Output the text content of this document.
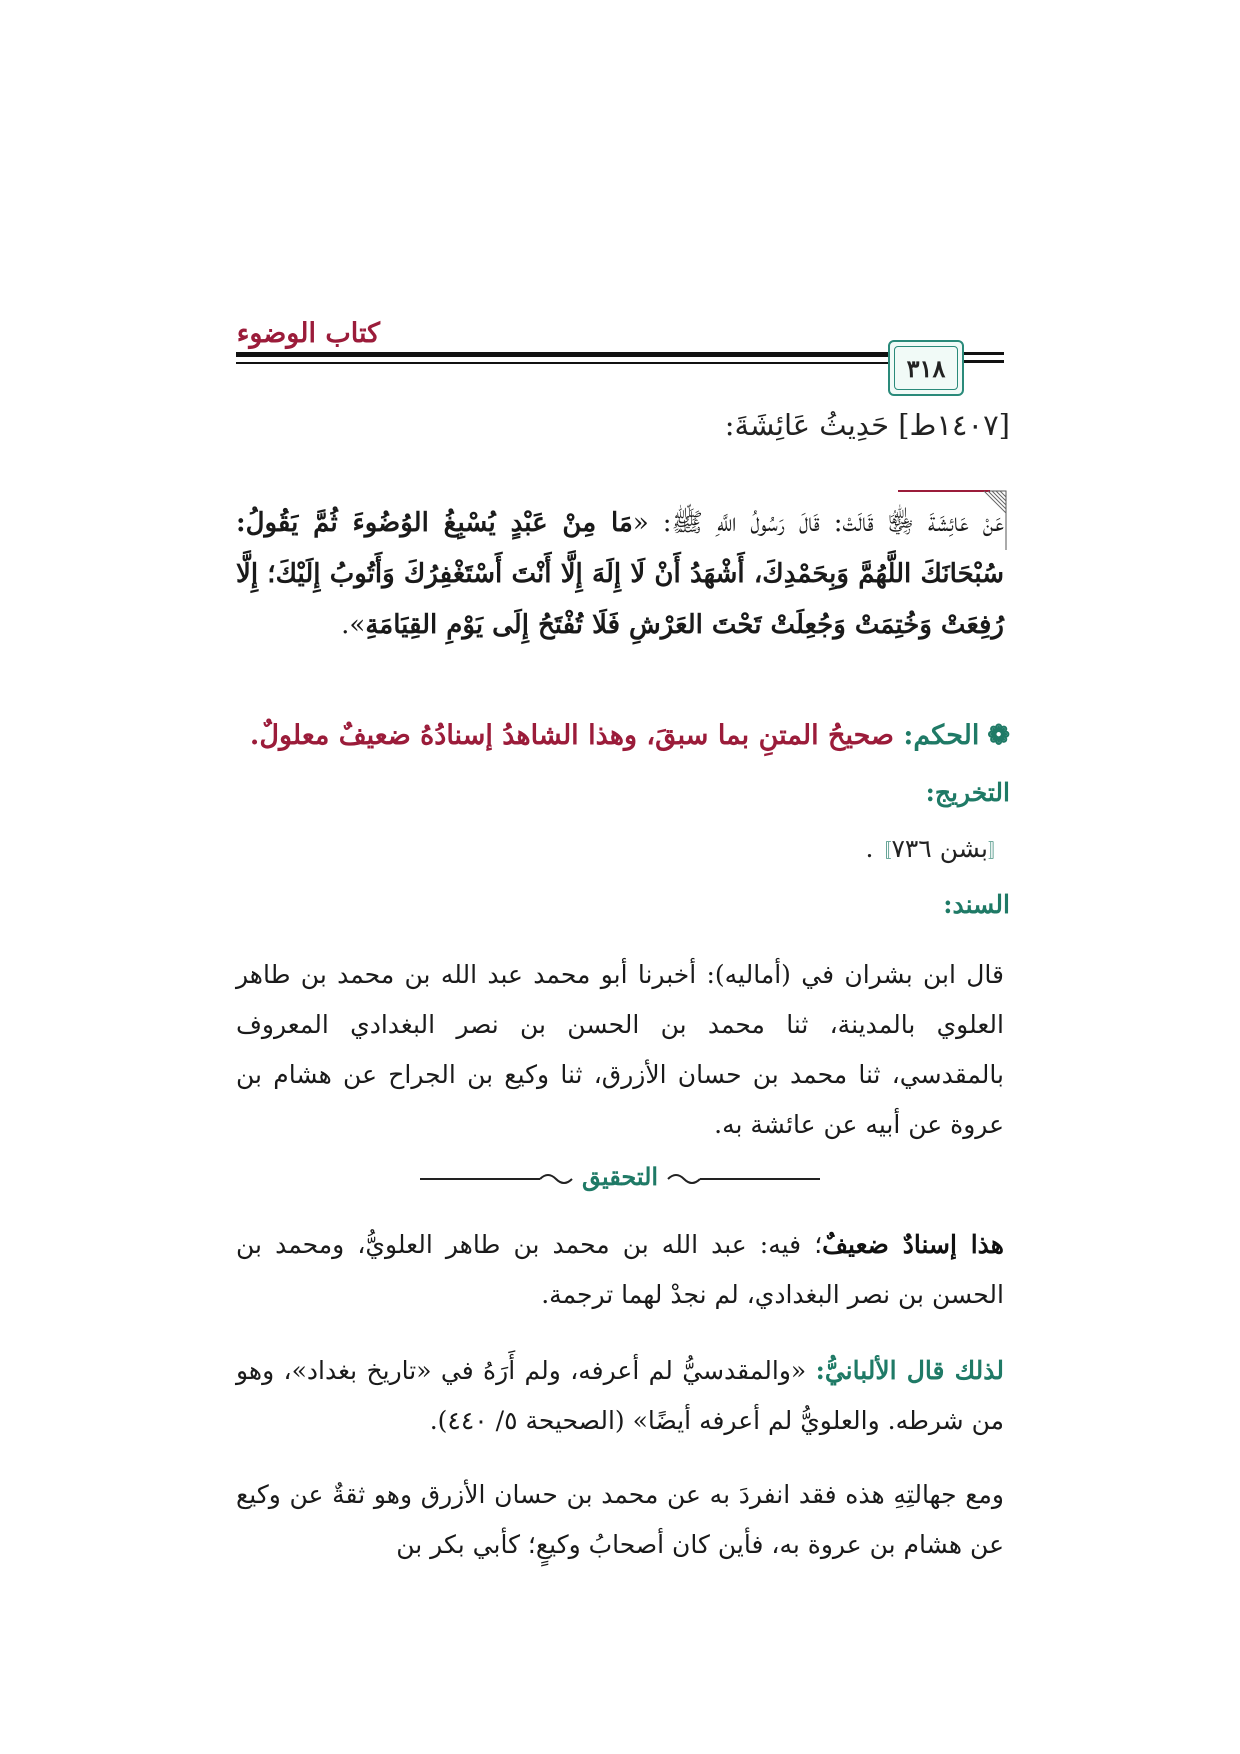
كتاب الوضوء
٣١٨
[١٤٠٧ط] حَدِيثُ عَائِشَةَ:
عَنْ عَائِشَةَ ﵂ قَالَتْ: قَالَ رَسُولُ اللَّهِ ﷺ: «مَا مِنْ عَبْدٍ يُسْبِغُ الوُضُوءَ ثُمَّ يَقُولُ: سُبْحَانَكَ اللَّهُمَّ وَبِحَمْدِكَ، أَشْهَدُ أَنْ لَا إِلَهَ إِلَّا أَنْتَ أَسْتَغْفِرُكَ وَأَتُوبُ إِلَيْكَ؛ إِلَّا رُفِعَتْ وَخُتِمَتْ وَجُعِلَتْ تَحْتَ العَرْشِ فَلَا تُفْتَحُ إِلَى يَوْمِ القِيَامَةِ».
❁الحكم: صحيحُ المتنِ بما سبقَ، وهذا الشاهدُ إسنادُهُ ضعيفٌ معلولٌ.
التخريج:
〚بشن ٧٣٦〛.
السند:
قال ابن بشران في (أماليه): أخبرنا أبو محمد عبد الله بن محمد بن طاهر العلوي بالمدينة، ثنا محمد بن الحسن بن نصر البغدادي المعروف بالمقدسي، ثنا محمد بن حسان الأزرق، ثنا وكيع بن الجراح عن هشام بن عروة عن أبيه عن عائشة به.
التحقيق
هذا إسنادٌ ضعيفٌ؛ فيه: عبد الله بن محمد بن طاهر العلويُّ، ومحمد بن الحسن بن نصر البغدادي، لم نجدْ لهما ترجمة.
لذلك قال الألبانيُّ: «والمقدسيُّ لم أعرفه، ولم أَرَهُ في «تاريخ بغداد»، وهو من شرطه. والعلويُّ لم أعرفه أيضًا» (الصحيحة ٥/ ٤٤٠).
ومع جهالتِهِ هذه فقد انفردَ به عن محمد بن حسان الأزرق وهو ثقةٌ عن وكيع عن هشام بن عروة به، فأين كان أصحابُ وكيعٍ؛ كأبي بكر بن
